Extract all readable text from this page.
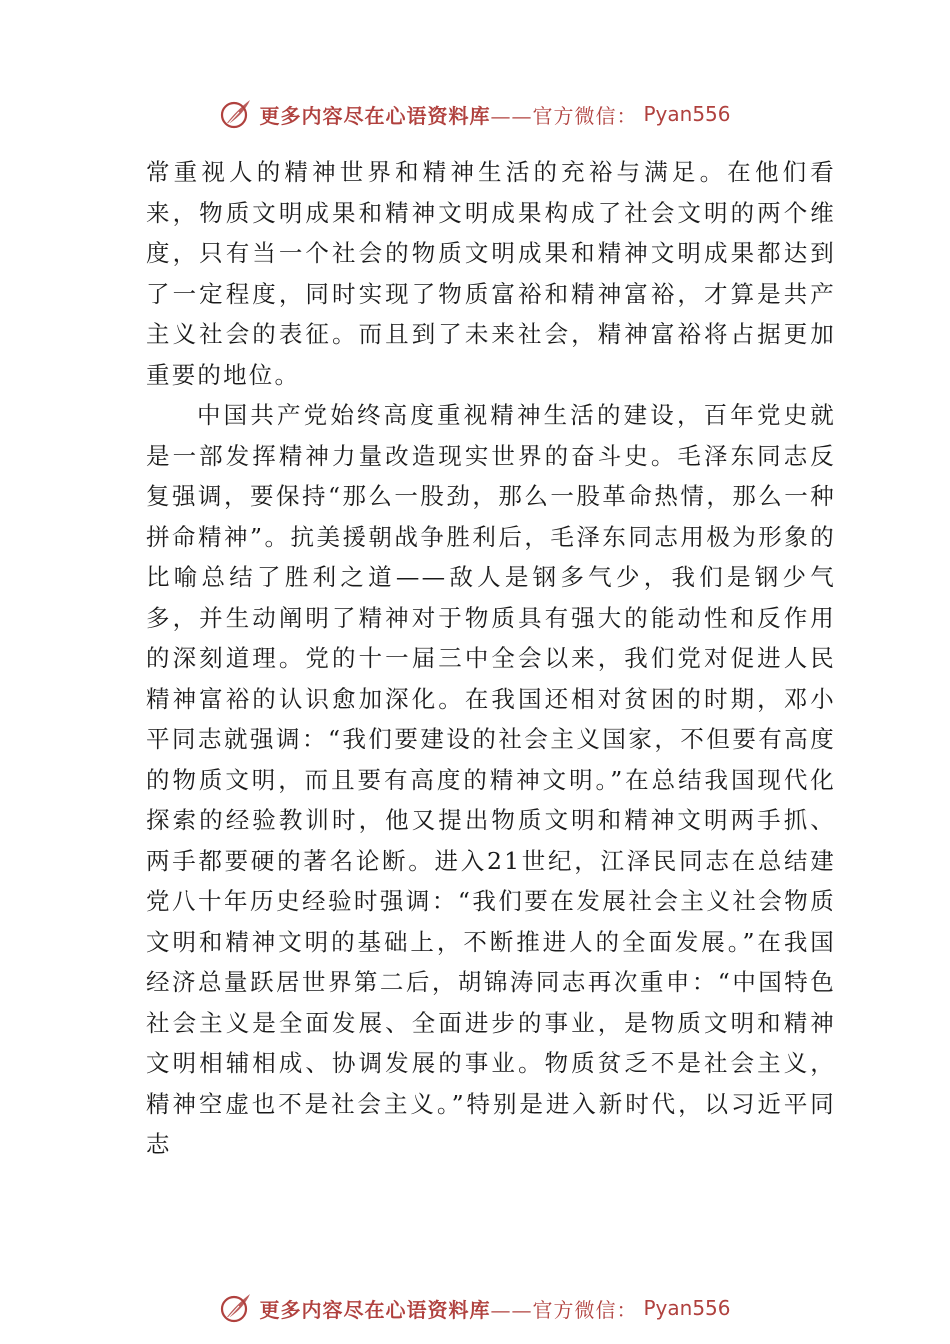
更多内容尽在心语资料库——官方微信： Pyan556

常重视人的精神世界和精神生活的充裕与满足。在他们看来，物质文明成果和精神文明成果构成了社会文明的两个维度，只有当一个社会的物质文明成果和精神文明成果都达到了一定程度，同时实现了物质富裕和精神富裕，才算是共产主义社会的表征。而且到了未来社会，精神富裕将占据更加重要的地位。

中国共产党始终高度重视精神生活的建设，百年党史就是一部发挥精神力量改造现实世界的奋斗史。毛泽东同志反复强调，要保持“那么一股劲，那么一股革命热情，那么一种拼命精神”。抗美援朝战争胜利后，毛泽东同志用极为形象的比喻总结了胜利之道——敌人是钢多气少，我们是钢少气多，并生动阐明了精神对于物质具有强大的能动性和反作用的深刻道理。党的十一届三中全会以来，我们党对促进人民精神富裕的认识愈加深化。在我国还相对贫困的时期，邓小平同志就强调：“我们要建设的社会主义国家，不但要有高度的物质文明，而且要有高度的精神文明。”在总结我国现代化探索的经验教训时，他又提出物质文明和精神文明两手抓、两手都要硬的著名论断。进入21世纪，江泽民同志在总结建党八十年历史经验时强调：“我们要在发展社会主义社会物质文明和精神文明的基础上，不断推进人的全面发展。”在我国经济总量跃居世界第二后，胡锦涛同志再次重申：“中国特色社会主义是全面发展、全面进步的事业，是物质文明和精神文明相辅相成、协调发展的事业。物质贫乏不是社会主义，精神空虚也不是社会主义。”特别是进入新时代，以习近平同志

更多内容尽在心语资料库——官方微信： Pyan556
